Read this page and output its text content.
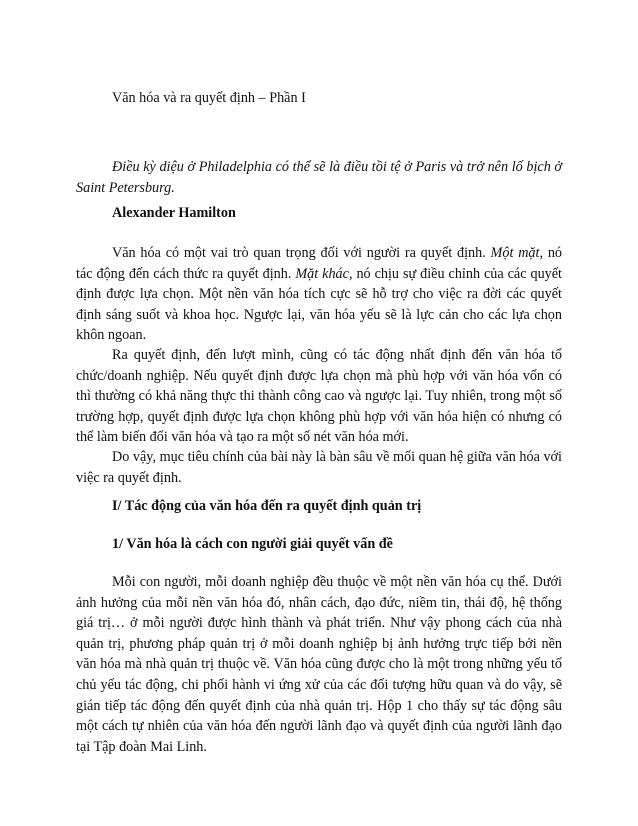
Văn hóa và ra quyết định – Phần I

Điều kỳ diệu ở Philadelphia có thể sẽ là điều tồi tệ ở Paris và trở nên lố bịch ở Saint Petersburg.

Alexander Hamilton

Văn hóa có một vai trò quan trọng đối với người ra quyết định. Một mặt, nó tác động đến cách thức ra quyết định. Mặt khác, nó chịu sự điều chỉnh của các quyết định được lựa chọn. Một nền văn hóa tích cực sẽ hỗ trợ cho việc ra đời các quyết định sáng suốt và khoa học. Ngược lại, văn hóa yếu sẽ là lực cản cho các lựa chọn khôn ngoan.

Ra quyết định, đến lượt mình, cũng có tác động nhất định đến văn hóa tổ chức/doanh nghiệp. Nếu quyết định được lựa chọn mà phù hợp với văn hóa vốn có thì thường có khả năng thực thi thành công cao và ngược lại. Tuy nhiên, trong một số trường hợp, quyết định được lựa chọn không phù hợp với văn hóa hiện có nhưng có thể làm biến đổi văn hóa và tạo ra một số nét văn hóa mới.

Do vậy, mục tiêu chính của bài này là bàn sâu về mối quan hệ giữa văn hóa với việc ra quyết định.

I/ Tác động của văn hóa đến ra quyết định quản trị

1/ Văn hóa là cách con người giải quyết vấn đề

Mỗi con người, mỗi doanh nghiệp đều thuộc về một nền văn hóa cụ thể. Dưới ảnh hưởng của mỗi nền văn hóa đó, nhân cách, đạo đức, niềm tin, thái độ, hệ thống giá trị… ở mỗi người được hình thành và phát triển. Như vậy phong cách của nhà quản trị, phương pháp quản trị ở mỗi doanh nghiệp bị ảnh hưởng trực tiếp bởi nền văn hóa mà nhà quản trị thuộc về. Văn hóa cũng được cho là một trong những yếu tố chủ yếu tác động, chi phối hành vi ứng xử của các đối tượng hữu quan và do vậy, sẽ gián tiếp tác động đến quyết định của nhà quản trị. Hộp 1 cho thấy sự tác động sâu một cách tự nhiên của văn hóa đến người lãnh đạo và quyết định của người lãnh đạo tại Tập đoàn Mai Linh.
